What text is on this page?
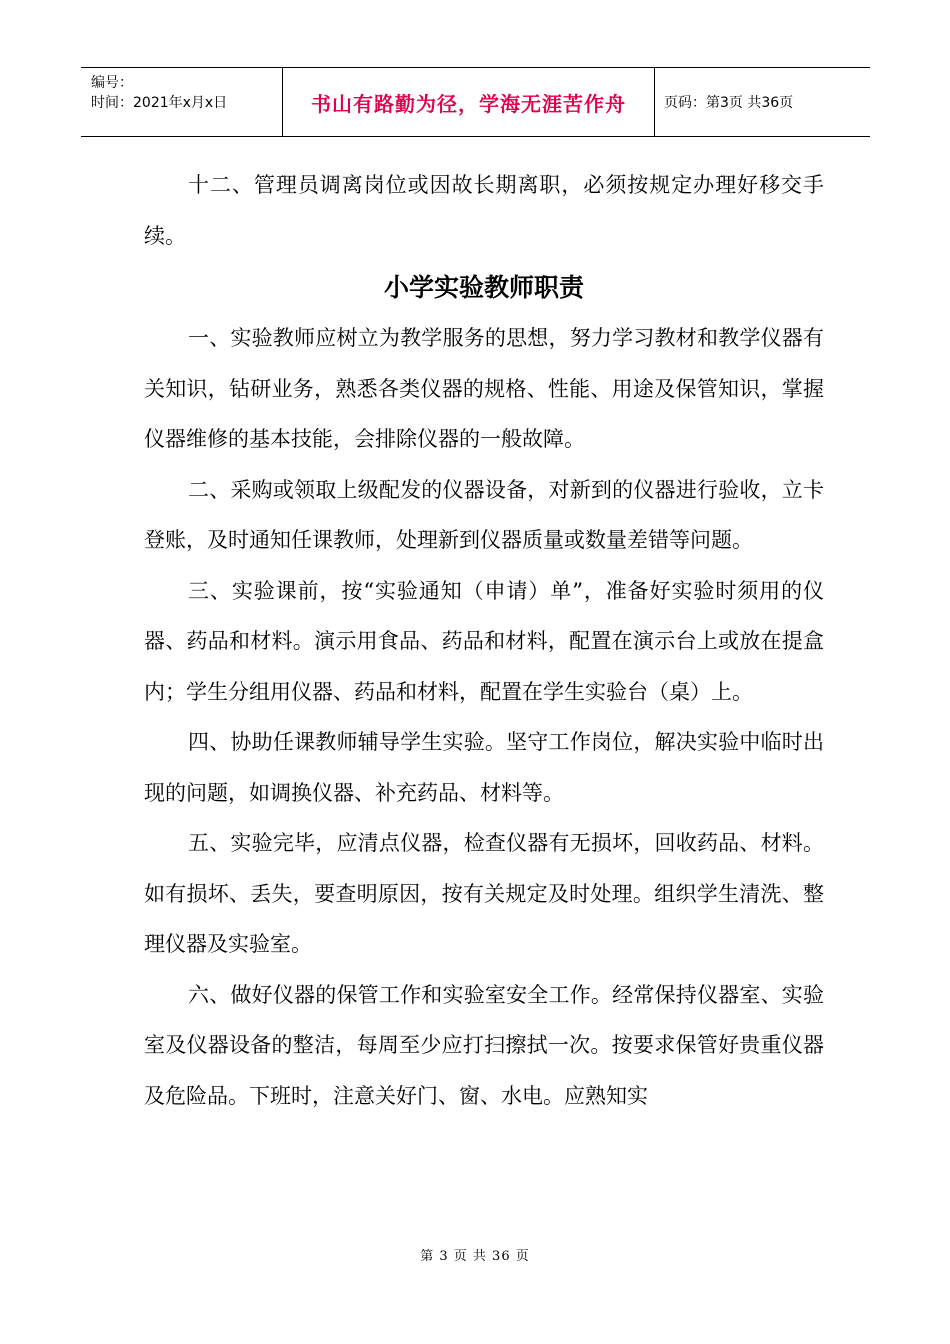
编号：
时间：2021年x月x日	书山有路勤为径，学海无涯苦作舟	页码：第3页 共36页

十二、管理员调离岗位或因故长期离职，必须按规定办理好移交手续。

小学实验教师职责

一、实验教师应树立为教学服务的思想，努力学习教材和教学仪器有关知识，钻研业务，熟悉各类仪器的规格、性能、用途及保管知识，掌握仪器维修的基本技能，会排除仪器的一般故障。

二、采购或领取上级配发的仪器设备，对新到的仪器进行验收，立卡登账，及时通知任课教师，处理新到仪器质量或数量差错等问题。

三、实验课前，按“实验通知（申请）单”，准备好实验时须用的仪器、药品和材料。演示用食品、药品和材料，配置在演示台上或放在提盒内；学生分组用仪器、药品和材料，配置在学生实验台（桌）上。

四、协助任课教师辅导学生实验。坚守工作岗位，解决实验中临时出现的问题，如调换仪器、补充药品、材料等。

五、实验完毕，应清点仪器，检查仪器有无损坏，回收药品、材料。如有损坏、丢失，要查明原因，按有关规定及时处理。组织学生清洗、整理仪器及实验室。

六、做好仪器的保管工作和实验室安全工作。经常保持仪器室、实验室及仪器设备的整洁，每周至少应打扫擦拭一次。按要求保管好贵重仪器及危险品。下班时，注意关好门、窗、水电。应熟知实

第 3 页 共 36 页
